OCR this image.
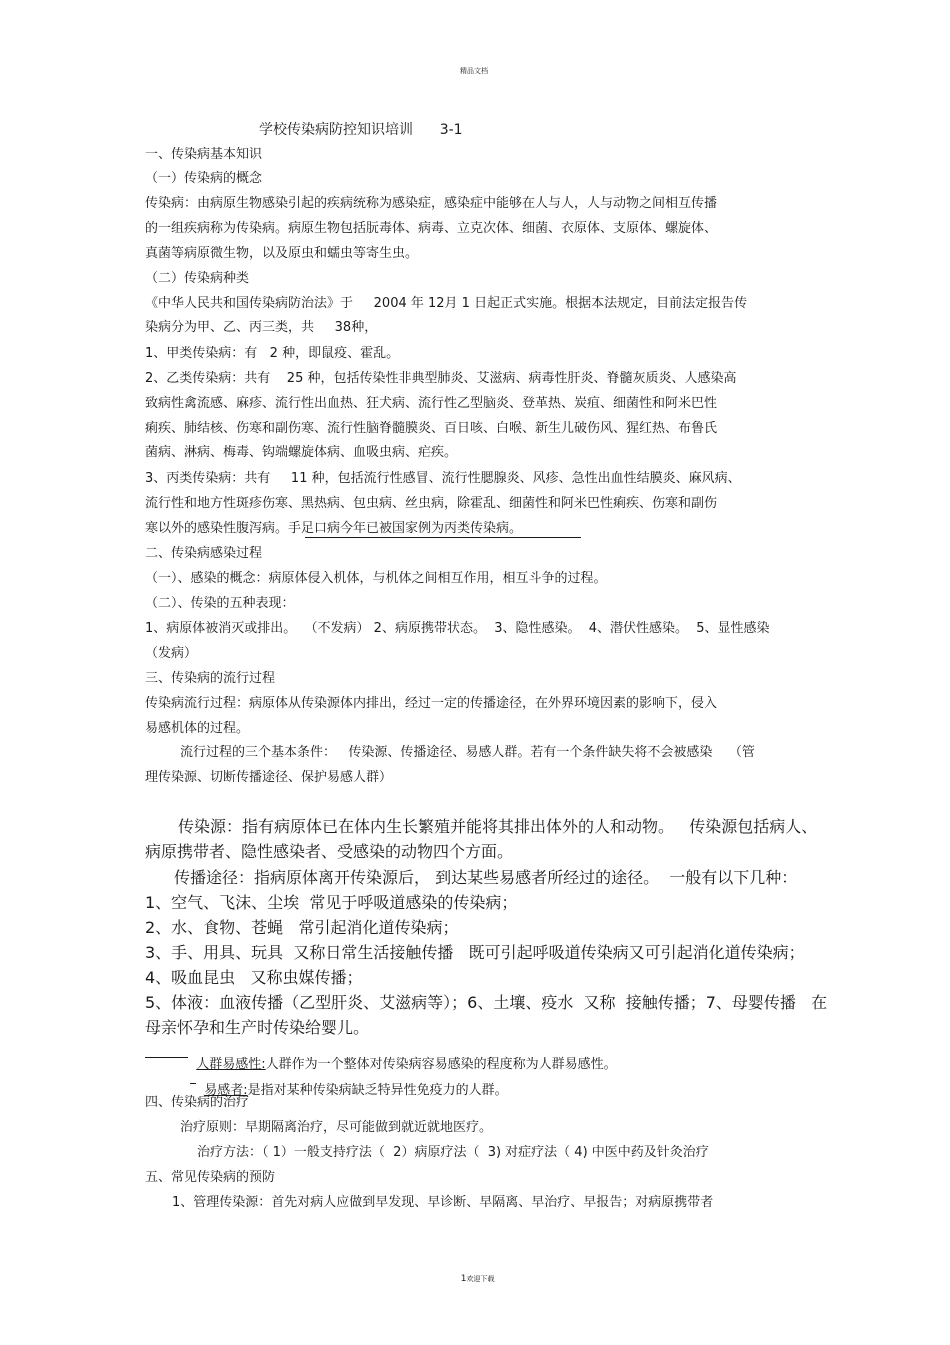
精品文档
学校传染病防控知识培训      3-1
一、传染病基本知识
（一）传染病的概念
传染病：由病原生物感染引起的疾病统称为感染症，感染症中能够在人与人，人与动物之间相互传播
的一组疾病称为传染病。病原生物包括朊毒体、病毒、立克次体、细菌、衣原体、支原体、螺旋体、
真菌等病原微生物，以及原虫和蠕虫等寄生虫。
（二）传染病种类
《中华人民共和国传染病防治法》于     2004 年 12月 1 日起正式实施。根据本法规定，目前法定报告传
染病分为甲、乙、丙三类，共     38种，
1、甲类传染病：有   2 种，即鼠疫、霍乱。
2、乙类传染病：共有    25 种，包括传染性非典型肺炎、艾滋病、病毒性肝炎、脊髓灰质炎、人感染高
致病性禽流感、麻疹、流行性出血热、狂犬病、流行性乙型脑炎、登革热、炭疽、细菌性和阿米巴性
痢疾、肺结核、伤寒和副伤寒、流行性脑脊髓膜炎、百日咳、白喉、新生儿破伤风、猩红热、布鲁氏
菌病、淋病、梅毒、钩端螺旋体病、血吸虫病、疟疾。
3、丙类传染病：共有     11 种，包括流行性感冒、流行性腮腺炎、风疹、急性出血性结膜炎、麻风病、
流行性和地方性斑疹伤寒、黑热病、包虫病、丝虫病，除霍乱、细菌性和阿米巴性痢疾、伤寒和副伤
寒以外的感染性腹泻病。手足口病今年已被国家例为丙类传染病。
二、传染病感染过程
（一）、感染的概念：病原体侵入机体，与机体之间相互作用，相互斗争的过程。
（二）、传染的五种表现：
1、病原体被消灭或排出。  （不发病） 2、病原携带状态。  3、隐性感染。  4、潜伏性感染。  5、显性感染
（发病）
三、传染病的流行过程
传染病流行过程：病原体从传染源体内排出，经过一定的传播途径，在外界环境因素的影响下，侵入
易感机体的过程。
流行过程的三个基本条件：   传染源、传播途径、易感人群。若有一个条件缺失将不会被感染    （管
理传染源、切断传播途径、保护易感人群）
传染源：指有病原体已在体内生长繁殖并能将其排出体外的人和动物。   传染源包括病人、
病原携带者、隐性感染者、受感染的动物四个方面。
传播途径：指病原体离开传染源后， 到达某些易感者所经过的途径。  一般有以下几种：
1、空气、飞沫、尘埃  常见于呼吸道感染的传染病；
2、水、食物、苍蝇   常引起消化道传染病；
3、手、用具、玩具  又称日常生活接触传播   既可引起呼吸道传染病又可引起消化道传染病；
4、吸血昆虫   又称虫媒传播；
5、体液：血液传播（乙型肝炎、艾滋病等）；6、土壤、疫水  又称  接触传播；7、母婴传播   在
母亲怀孕和生产时传染给婴儿。

人群易感性:人群作为一个整体对传染病容易感染的程度称为人群易感性。

易感者:是指对某种传染病缺乏特异性免疫力的人群。

四、传染病的治疗
治疗原则：早期隔离治疗，尽可能做到就近就地医疗。
治疗方法：（ 1）一般支持疗法（  2）病原疗法（  3) 对症疗法（ 4) 中医中药及针灸治疗
五、常见传染病的预防
1、管理传染源：首先对病人应做到早发现、早诊断、早隔离、早治疗、早报告；对病原携带者

1欢迎下载
